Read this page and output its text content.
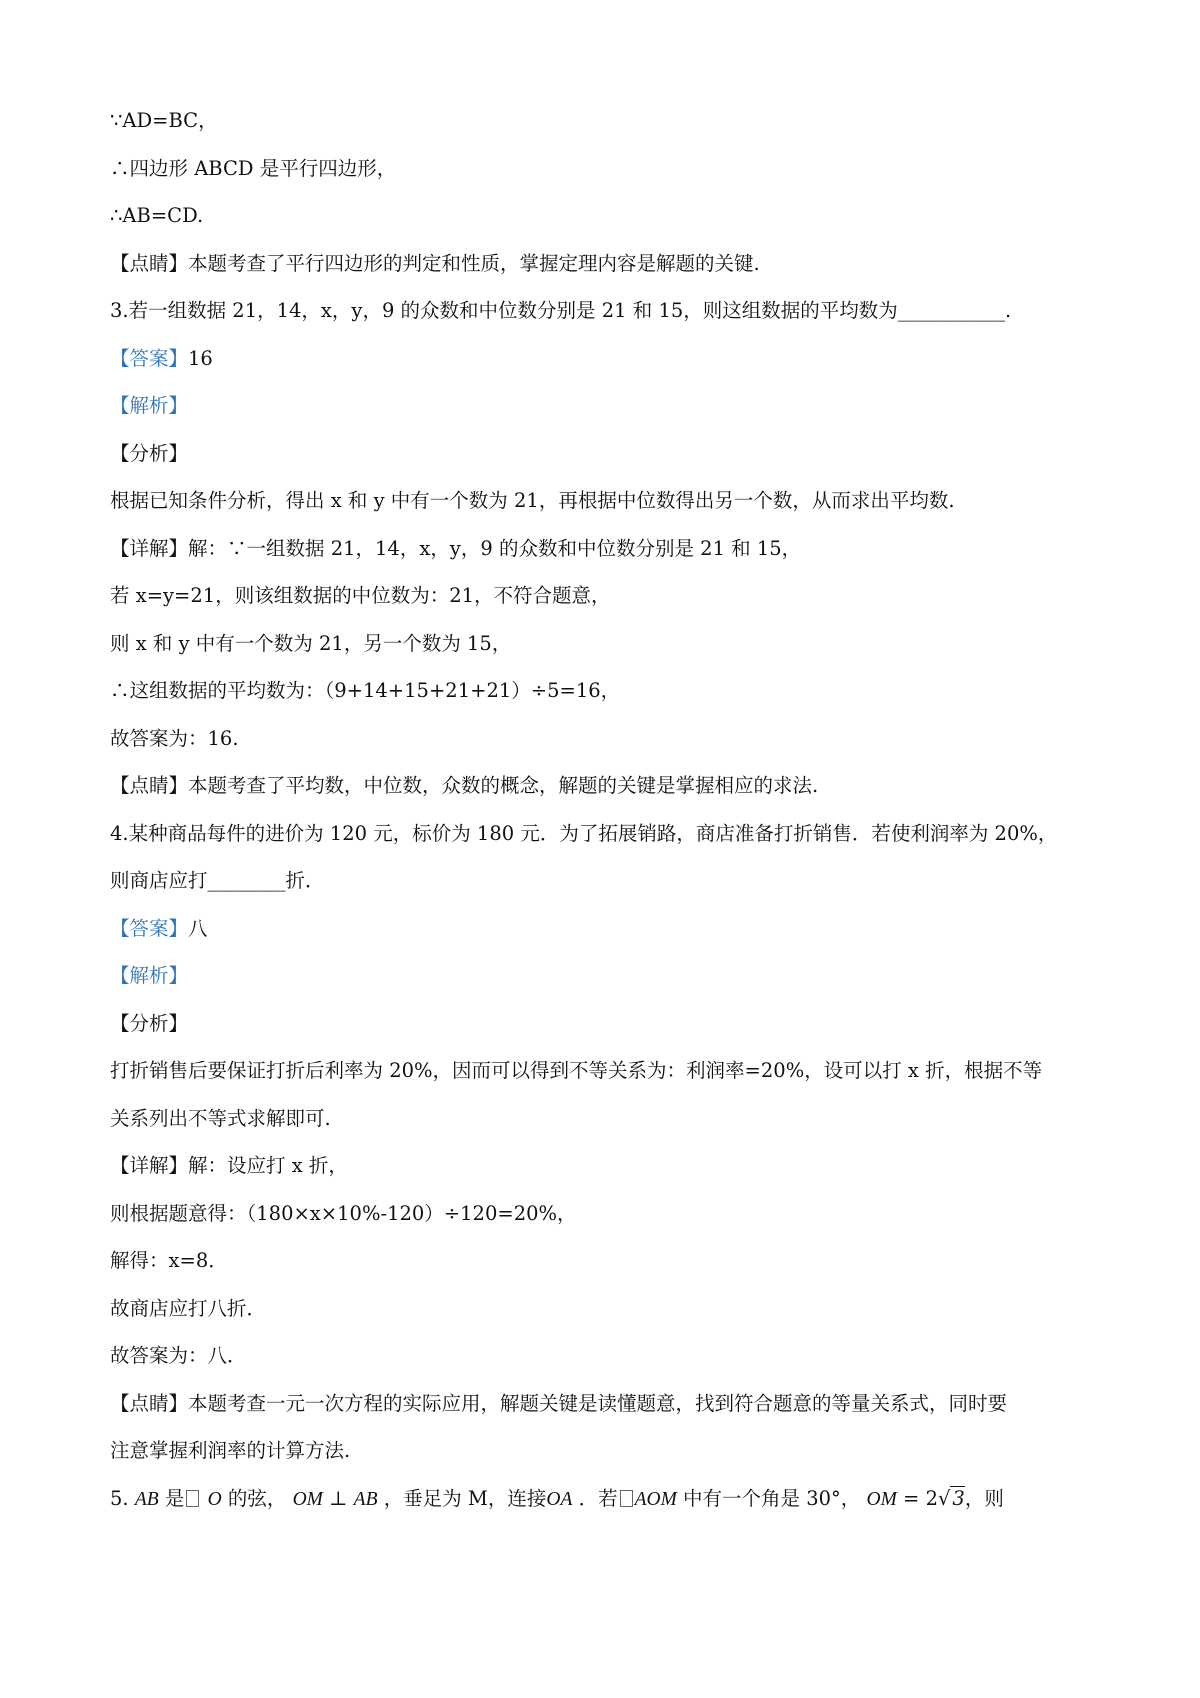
∵AD=BC，
∴四边形 ABCD 是平行四边形，
∴AB=CD.
【点睛】本题考查了平行四边形的判定和性质，掌握定理内容是解题的关键.
3.若一组数据 21，14，x，y，9 的众数和中位数分别是 21 和 15，则这组数据的平均数为___________.
【答案】16
【解析】
【分析】
根据已知条件分析，得出 x 和 y 中有一个数为 21，再根据中位数得出另一个数，从而求出平均数.
【详解】解：∵一组数据 21，14，x，y，9 的众数和中位数分别是 21 和 15，
若 x=y=21，则该组数据的中位数为：21，不符合题意，
则 x 和 y 中有一个数为 21，另一个数为 15，
∴这组数据的平均数为：（9+14+15+21+21）÷5=16，
故答案为：16.
【点睛】本题考查了平均数，中位数，众数的概念，解题的关键是掌握相应的求法.
4.某种商品每件的进价为 120 元，标价为 180 元．为了拓展销路，商店准备打折销售．若使利润率为 20%，
则商店应打________折．
【答案】八
【解析】
【分析】
打折销售后要保证打折后利率为 20%，因而可以得到不等关系为：利润率=20%，设可以打 x 折，根据不等
关系列出不等式求解即可.
【详解】解：设应打 x 折，
则根据题意得：（180×x×10%-120）÷120=20%，
解得：x=8．
故商店应打八折．
故答案为：八．
【点睛】本题考查一元一次方程的实际应用，解题关键是读懂题意，找到符合题意的等量关系式，同时要
注意掌握利润率的计算方法.
5. AB 是 O 的弦， OM ⊥ AB ，垂足为 M，连接OA ．若 AOM 中有一个角是 30°， OM = 2√ 3，则
